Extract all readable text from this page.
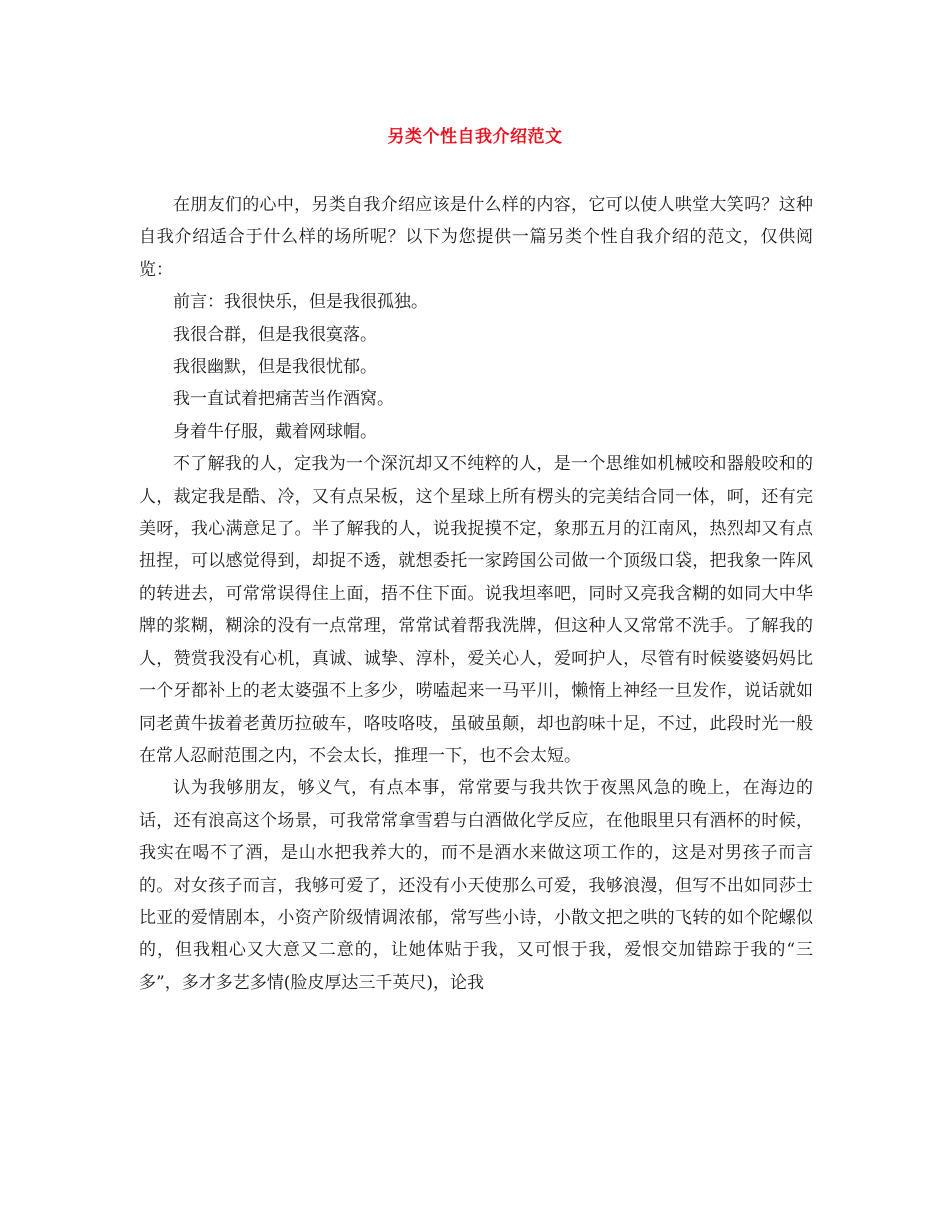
另类个性自我介绍范文

在朋友们的心中，另类自我介绍应该是什么样的内容，它可以使人哄堂大笑吗？这种自我介绍适合于什么样的场所呢？以下为您提供一篇另类个性自我介绍的范文，仅供阅览：

前言：我很快乐，但是我很孤独。

我很合群，但是我很寞落。

我很幽默，但是我很忧郁。

我一直试着把痛苦当作酒窝。

身着牛仔服，戴着网球帽。

不了解我的人，定我为一个深沉却又不纯粹的人，是一个思维如机械咬和器般咬和的人，裁定我是酷、冷，又有点呆板，这个星球上所有楞头的完美结合同一体，呵，还有完美呀，我心满意足了。半了解我的人，说我捉摸不定，象那五月的江南风，热烈却又有点扭捏，可以感觉得到，却捉不透，就想委托一家跨国公司做一个顶级口袋，把我象一阵风的转进去，可常常误得住上面，捂不住下面。说我坦率吧，同时又亮我含糊的如同大中华牌的浆糊，糊涂的没有一点常理，常常试着帮我洗牌，但这种人又常常不洗手。了解我的人，赞赏我没有心机，真诚、诚挚、淳朴，爱关心人，爱呵护人，尽管有时候婆婆妈妈比一个牙都补上的老太婆强不上多少，唠嗑起来一马平川，懒惰上神经一旦发作，说话就如同老黄牛拔着老黄历拉破车，咯吱咯吱，虽破虽颠，却也韵味十足，不过，此段时光一般在常人忍耐范围之内，不会太长，推理一下，也不会太短。

认为我够朋友，够义气，有点本事，常常要与我共饮于夜黑风急的晚上，在海边的话，还有浪高这个场景，可我常常拿雪碧与白酒做化学反应，在他眼里只有酒杯的时候，我实在喝不了酒，是山水把我养大的，而不是酒水来做这项工作的，这是对男孩子而言的。对女孩子而言，我够可爱了，还没有小天使那么可爱，我够浪漫，但写不出如同莎士比亚的爱情剧本，小资产阶级情调浓郁，常写些小诗，小散文把之哄的飞转的如个陀螺似的，但我粗心又大意又二意的，让她体贴于我，又可恨于我，爱恨交加错踪于我的“三多”，多才多艺多情(脸皮厚达三千英尺)，论我
